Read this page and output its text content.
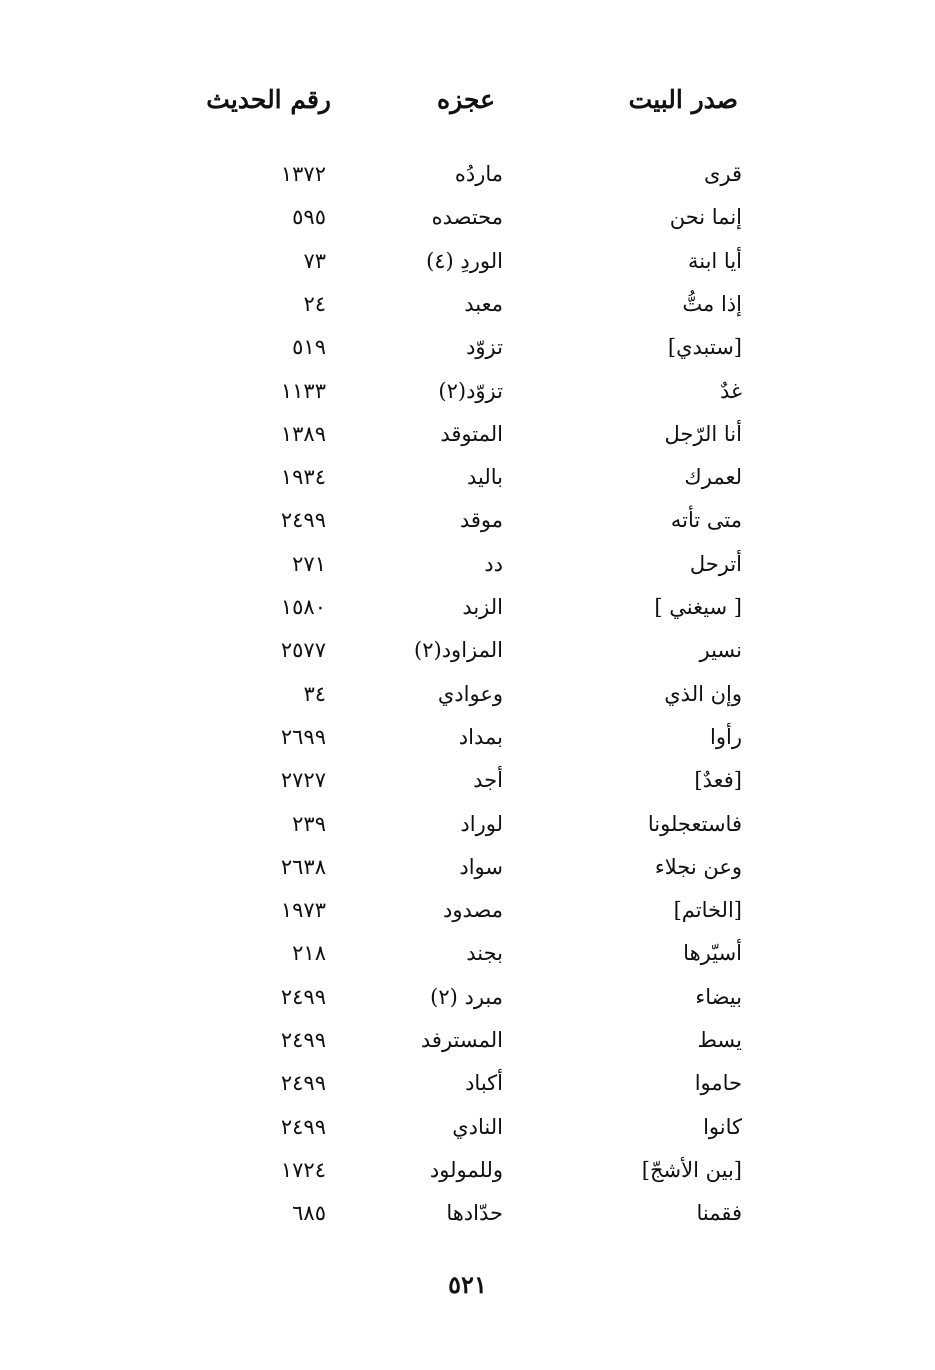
صدر البيت
عجزه
رقم الحديث
قرى
ماردُه
١٣٧٢
إنما نحن
محتصده
٥٩٥
أيا ابنة
الوردِ (٤)
٧٣
إذا متُّ
معبد
٢٤
[ستبدي]
تزوّد
٥١٩
غدٌ
تزوّد(٢)
١١٣٣
أنا الرّجل
المتوقد
١٣٨٩
لعمرك
باليد
١٩٣٤
متى تأته
موقد
٢٤٩٩
أترحل
دد
٢٧١
[ سيغني ]
الزبد
١٥٨٠
نسير
المزاود(٢)
٢٥٧٧
وإن الذي
وعوادي
٣٤
رأوا
بمداد
٢٦٩٩
[فعدٌ]
أجد
٢٧٢٧
فاستعجلونا
لوراد
٢٣٩
وعن نجلاء
سواد
٢٦٣٨
[الخاتم]
مصدود
١٩٧٣
أسيّرها
بجند
٢١٨
بيضاء
مبرد (٢)
٢٤٩٩
يسط
المسترفد
٢٤٩٩
حاموا
أكباد
٢٤٩٩
كانوا
النادي
٢٤٩٩
[بين الأشجّ]
وللمولود
١٧٢٤
فقمنا
حدّادها
٦٨٥
٥٢١
